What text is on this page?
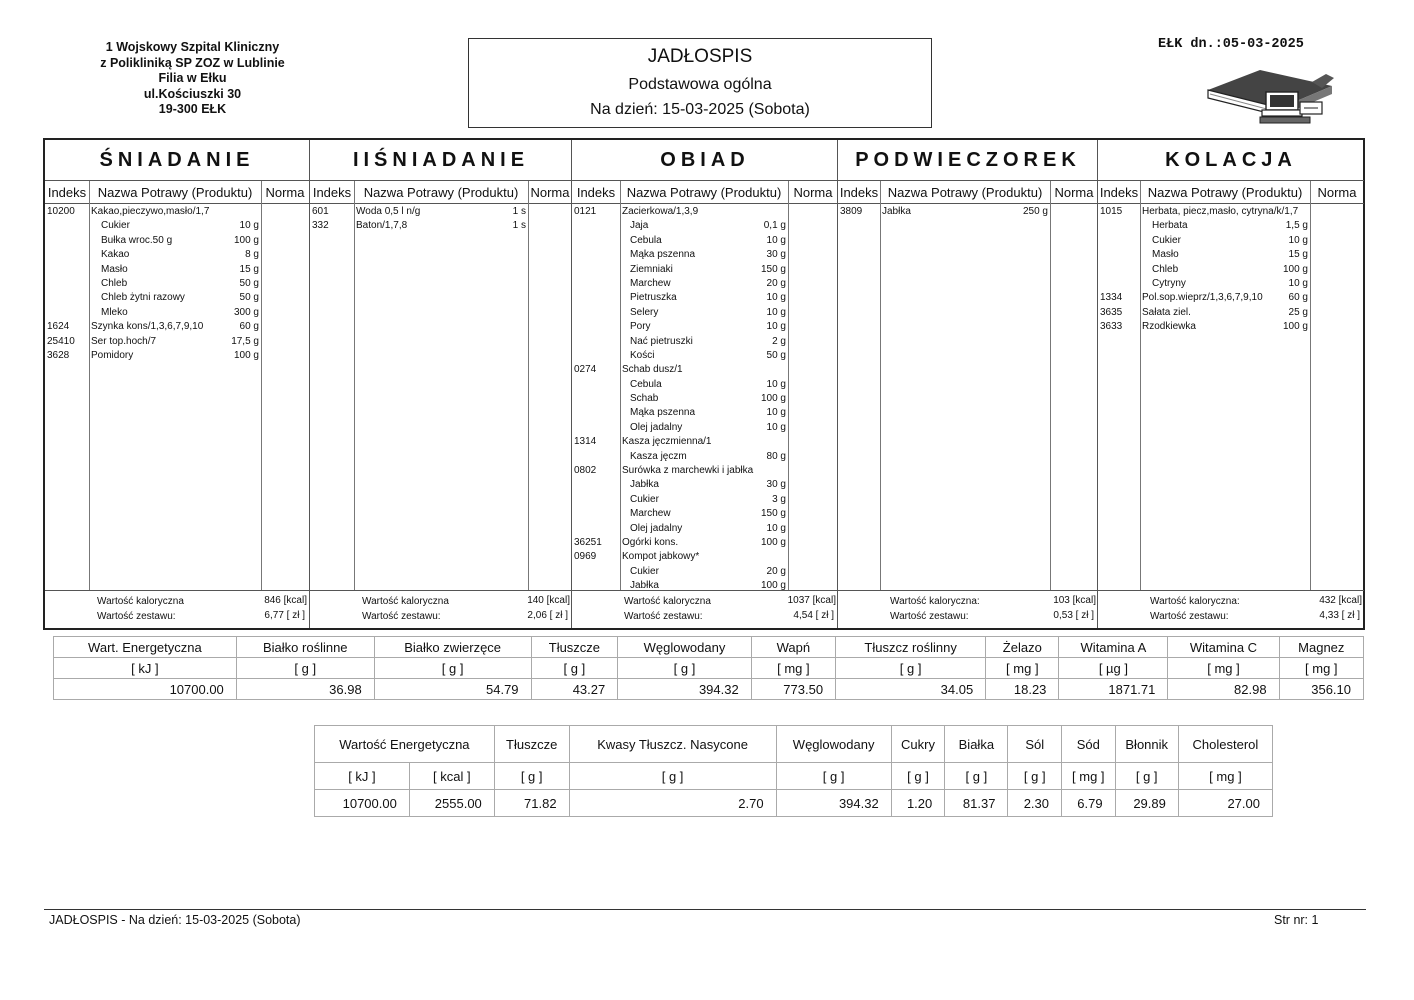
1 Wojskowy Szpital Kliniczny
z Polikliniką SP ZOZ w Lublinie
Filia w Ełku
ul.Kościuszki 30
19-300 EŁK
JADŁOSPIS
Podstawowa ogólna
Na dzień: 15-03-2025 (Sobota)
EŁK dn.:05-03-2025
ŚNIADANIE
Indeks Nazwa Potrawy (Produktu)	Norma
10200 Kakao,pieczywo,masło/1,7
Cukier	10 g
Bułka wroc.50 g	100 g
Kakao	8 g
Masło	15 g
Chleb	50 g
Chleb żytni razowy	50 g
Mleko	300 g
1624 Szynka kons/1,3,6,7,9,10	60 g
25410 Ser top.hoch/7	17,5 g
3628 Pomidory	100 g
Wartość kaloryczna	846 [kcal]
Wartość zestawu:	6,77 [ zł ]
IIŚNIADANIE
Indeks Nazwa Potrawy (Produktu) Norma
601	Woda 0,5 l n/g	1 s
332	Baton/1,7,8	1 s
Wartość kaloryczna	140 [kcal]
Wartość zestawu:	2,06 [ zł ]
OBIAD
Indeks Nazwa Potrawy (Produktu) Norma
0121	Zacierkowa/1,3,9
Jaja	0,1 g
Cebula	10 g
Mąka pszenna	30 g
Ziemniaki	150 g
Marchew	20 g
Pietruszka	10 g
Selery	10 g
Pory	10 g
Nać pietruszki	2 g
Kości	50 g
0274	Schab dusz/1
Cebula	10 g
Schab	100 g
Mąka pszenna	10 g
Olej jadalny	10 g
1314	Kasza jęczmienna/1
Kasza jęczm	80 g
0802	Surówka z marchewki i jabłka
Jabłka	30 g
Cukier	3 g
Marchew	150 g
Olej jadalny	10 g
36251 Ogórki kons.	100 g
0969	Kompot jabkowy*
Cukier	20 g
Jabłka	100 g
Wartość kaloryczna	1037 [kcal]
Wartość zestawu:	4,54 [ zł ]
PODWIECZOREK
Indeks Nazwa Potrawy (Produktu) Norma
3809 Jabłka	250 g
Wartość kaloryczna:	103 [kcal]
Wartość zestawu:	0,53 [ zł ]
KOLACJA
Indeks Nazwa Potrawy (Produktu)	Norma
1015 Herbata, piecz,masło, cytryna/k/1,7
Herbata	1,5 g
Cukier	10 g
Masło	15 g
Chleb	100 g
Cytryny	10 g
1334 Pol.sop.wieprz/1,3,6,7,9,10	60 g
3635 Sałata ziel.	25 g
3633 Rzodkiewka	100 g
Wartość kaloryczna:	432 [kcal]
Wartość zestawu:	4,33 [ zł ]
Wart. Energetyczna	Białko roślinne	Białko zwierzęce	Tłuszcze	Węglowodany	Wapń	Tłuszcz roślinny	Żelazo	Witamina A	Witamina C	Magnez
[ kJ ]	[ g ]	[ g ]	[ g ]	[ g ]	[ mg ]	[ g ]	[ mg ]	[ µg ]	[ mg ]	[ mg ]
10700.00	36.98	54.79	43.27	394.32	773.50	34.05	18.23	1871.71	82.98	356.10
Wartość Energetyczna		Tłuszcze	Kwasy Tłuszcz. Nasycone	Węglowodany	Cukry	Białka	Sól	Sód	Błonnik	Cholesterol
[ kJ ]	[ kcal ]	[ g ]	[ g ]	[ g ]	[ g ]	[ g ]	[ g ]	[ mg ]	[ g ]	[ mg ]
10700.00	2555.00	71.82	2.70	394.32	1.20	81.37	2.30	6.79	29.89	27.00
JADŁOSPIS - Na dzień: 15-03-2025 (Sobota)	Str nr: 1
